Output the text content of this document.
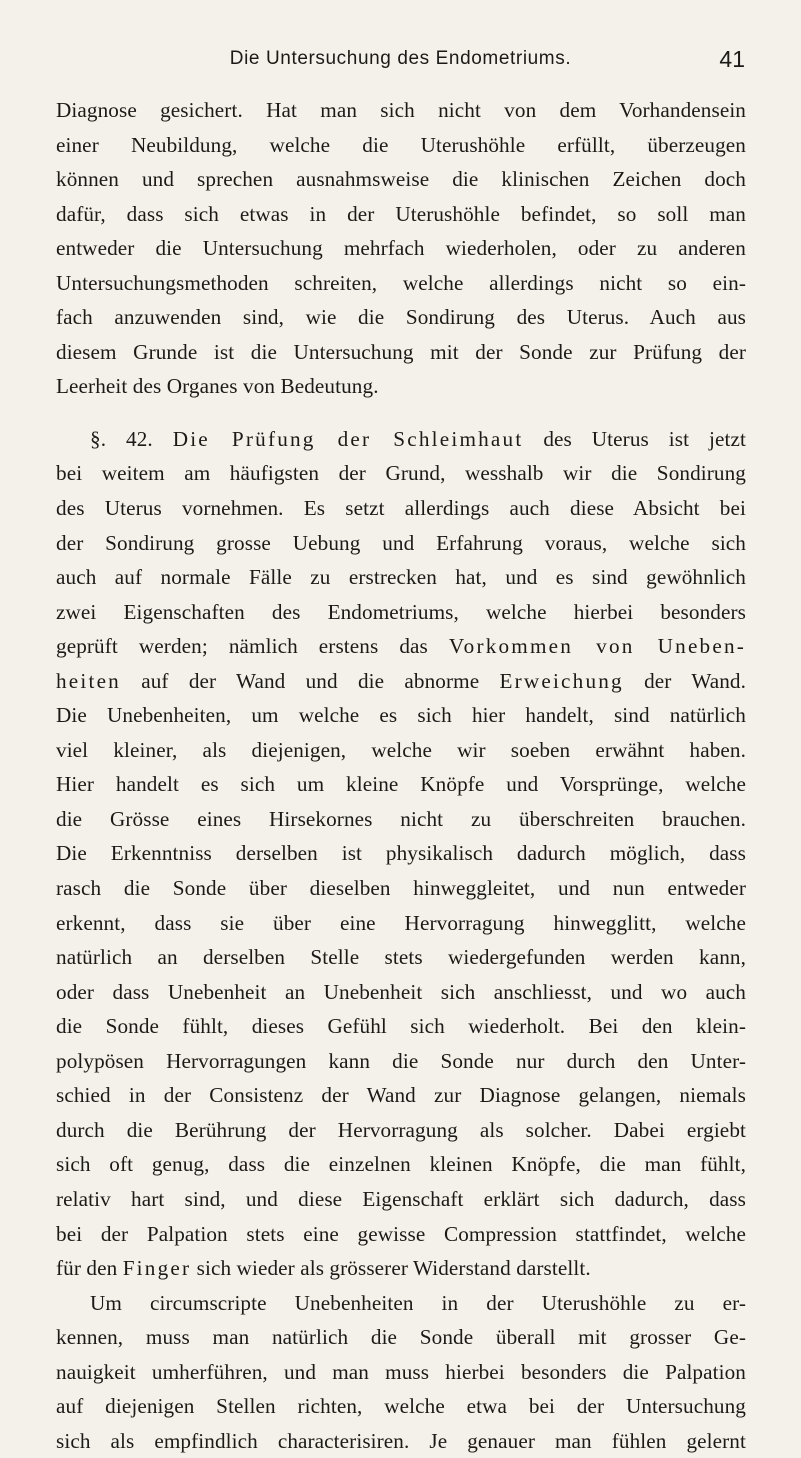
Die Untersuchung des Endometriums.	41
Diagnose gesichert. Hat man sich nicht von dem Vorhandensein
einer Neubildung, welche die Uterushöhle erfüllt, überzeugen
können und sprechen ausnahmsweise die klinischen Zeichen doch
dafür, dass sich etwas in der Uterushöhle befindet, so soll man
entweder die Untersuchung mehrfach wiederholen, oder zu anderen
Untersuchungsmethoden schreiten, welche allerdings nicht so ein-
fach anzuwenden sind, wie die Sondirung des Uterus. Auch aus
diesem Grunde ist die Untersuchung mit der Sonde zur Prüfung der
Leerheit des Organes von Bedeutung.
§. 42. Die Prüfung der Schleimhaut des Uterus ist jetzt
bei weitem am häufigsten der Grund, wesshalb wir die Sondirung
des Uterus vornehmen. Es setzt allerdings auch diese Absicht bei
der Sondirung grosse Uebung und Erfahrung voraus, welche sich
auch auf normale Fälle zu erstrecken hat, und es sind gewöhnlich
zwei Eigenschaften des Endometriums, welche hierbei besonders
geprüft werden; nämlich erstens das Vorkommen von Uneben-
heiten auf der Wand und die abnorme Erweichung der Wand.
Die Unebenheiten, um welche es sich hier handelt, sind natürlich
viel kleiner, als diejenigen, welche wir soeben erwähnt haben.
Hier handelt es sich um kleine Knöpfe und Vorsprünge, welche
die Grösse eines Hirsekornes nicht zu überschreiten brauchen.
Die Erkenntniss derselben ist physikalisch dadurch möglich, dass
rasch die Sonde über dieselben hinweggleitet, und nun entweder
erkennt, dass sie über eine Hervorragung hinwegglitt, welche
natürlich an derselben Stelle stets wiedergefunden werden kann,
oder dass Unebenheit an Unebenheit sich anschliesst, und wo auch
die Sonde fühlt, dieses Gefühl sich wiederholt. Bei den klein-
polypösen Hervorragungen kann die Sonde nur durch den Unter-
schied in der Consistenz der Wand zur Diagnose gelangen, niemals
durch die Berührung der Hervorragung als solcher. Dabei ergiebt
sich oft genug, dass die einzelnen kleinen Knöpfe, die man fühlt,
relativ hart sind, und diese Eigenschaft erklärt sich dadurch, dass
bei der Palpation stets eine gewisse Compression stattfindet, welche
für den Finger sich wieder als grösserer Widerstand darstellt.
Um circumscripte Unebenheiten in der Uterushöhle zu er-
kennen, muss man natürlich die Sonde überall mit grosser Ge-
nauigkeit umherführen, und man muss hierbei besonders die Palpation
auf diejenigen Stellen richten, welche etwa bei der Untersuchung
sich als empfindlich characterisiren. Je genauer man fühlen gelernt
